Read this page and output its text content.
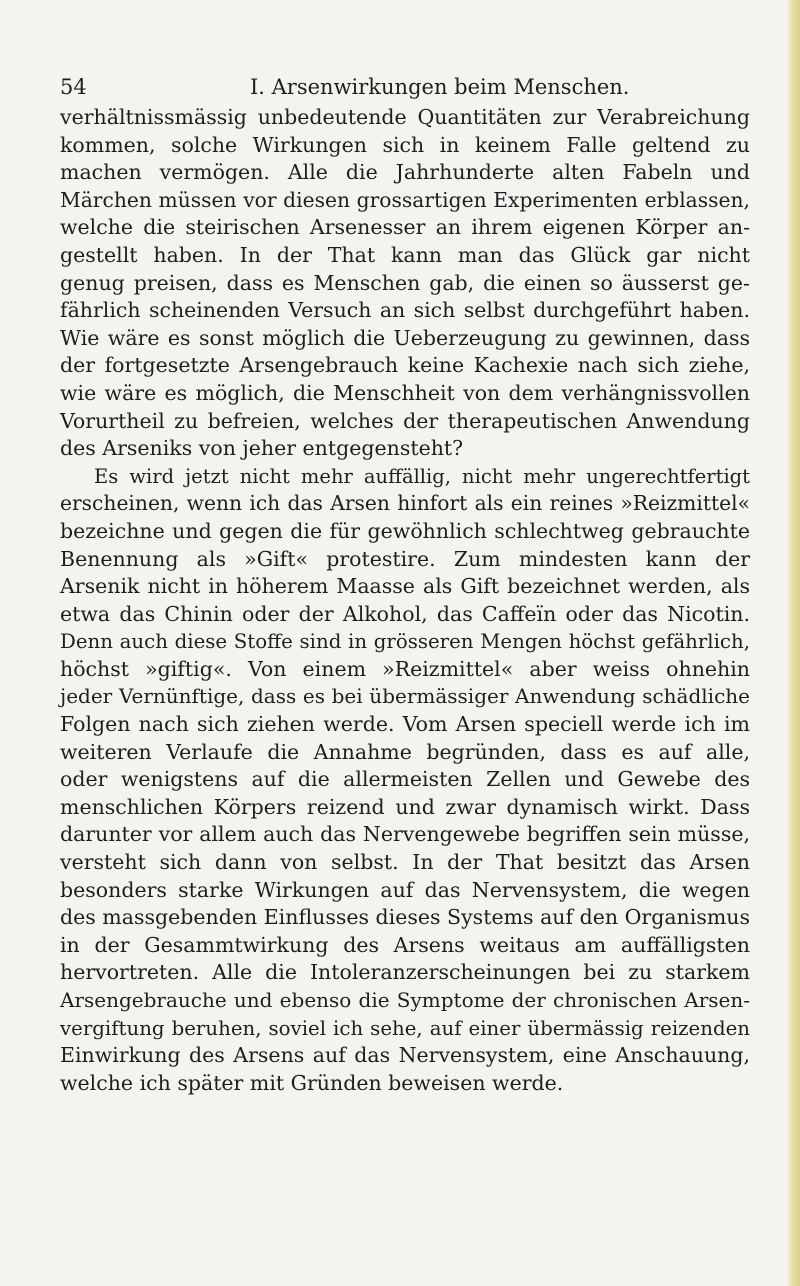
54	I. Arsenwirkungen beim Menschen.
verhältnissmässig unbedeutende Quantitäten zur Verabreichung
kommen, solche Wirkungen sich in keinem Falle geltend zu
machen vermögen. Alle die Jahrhunderte alten Fabeln und
Märchen müssen vor diesen grossartigen Experimenten erblassen,
welche die steirischen Arsenesser an ihrem eigenen Körper an-
gestellt haben. In der That kann man das Glück gar nicht
genug preisen, dass es Menschen gab, die einen so äusserst ge-
fährlich scheinenden Versuch an sich selbst durchgeführt haben.
Wie wäre es sonst möglich die Ueberzeugung zu gewinnen, dass
der fortgesetzte Arsengebrauch keine Kachexie nach sich ziehe,
wie wäre es möglich, die Menschheit von dem verhängnissvollen
Vorurtheil zu befreien, welches der therapeutischen Anwendung
des Arseniks von jeher entgegensteht?
Es wird jetzt nicht mehr auffällig, nicht mehr ungerechtfertigt
erscheinen, wenn ich das Arsen hinfort als ein reines »Reizmittel«
bezeichne und gegen die für gewöhnlich schlechtweg gebrauchte
Benennung als »Gift« protestire. Zum mindesten kann der
Arsenik nicht in höherem Maasse als Gift bezeichnet werden, als
etwa das Chinin oder der Alkohol, das Caffeïn oder das Nicotin.
Denn auch diese Stoffe sind in grösseren Mengen höchst gefährlich,
höchst »giftig«. Von einem »Reizmittel« aber weiss ohnehin
jeder Vernünftige, dass es bei übermässiger Anwendung schädliche
Folgen nach sich ziehen werde. Vom Arsen speciell werde ich im
weiteren Verlaufe die Annahme begründen, dass es auf alle,
oder wenigstens auf die allermeisten Zellen und Gewebe des
menschlichen Körpers reizend und zwar dynamisch wirkt. Dass
darunter vor allem auch das Nervengewebe begriffen sein müsse,
versteht sich dann von selbst. In der That besitzt das Arsen
besonders starke Wirkungen auf das Nervensystem, die wegen
des massgebenden Einflusses dieses Systems auf den Organismus
in der Gesammtwirkung des Arsens weitaus am auffälligsten
hervortreten. Alle die Intoleranzerscheinungen bei zu starkem
Arsengebrauche und ebenso die Symptome der chronischen Arsen-
vergiftung beruhen, soviel ich sehe, auf einer übermässig reizenden
Einwirkung des Arsens auf das Nervensystem, eine Anschauung,
welche ich später mit Gründen beweisen werde.
